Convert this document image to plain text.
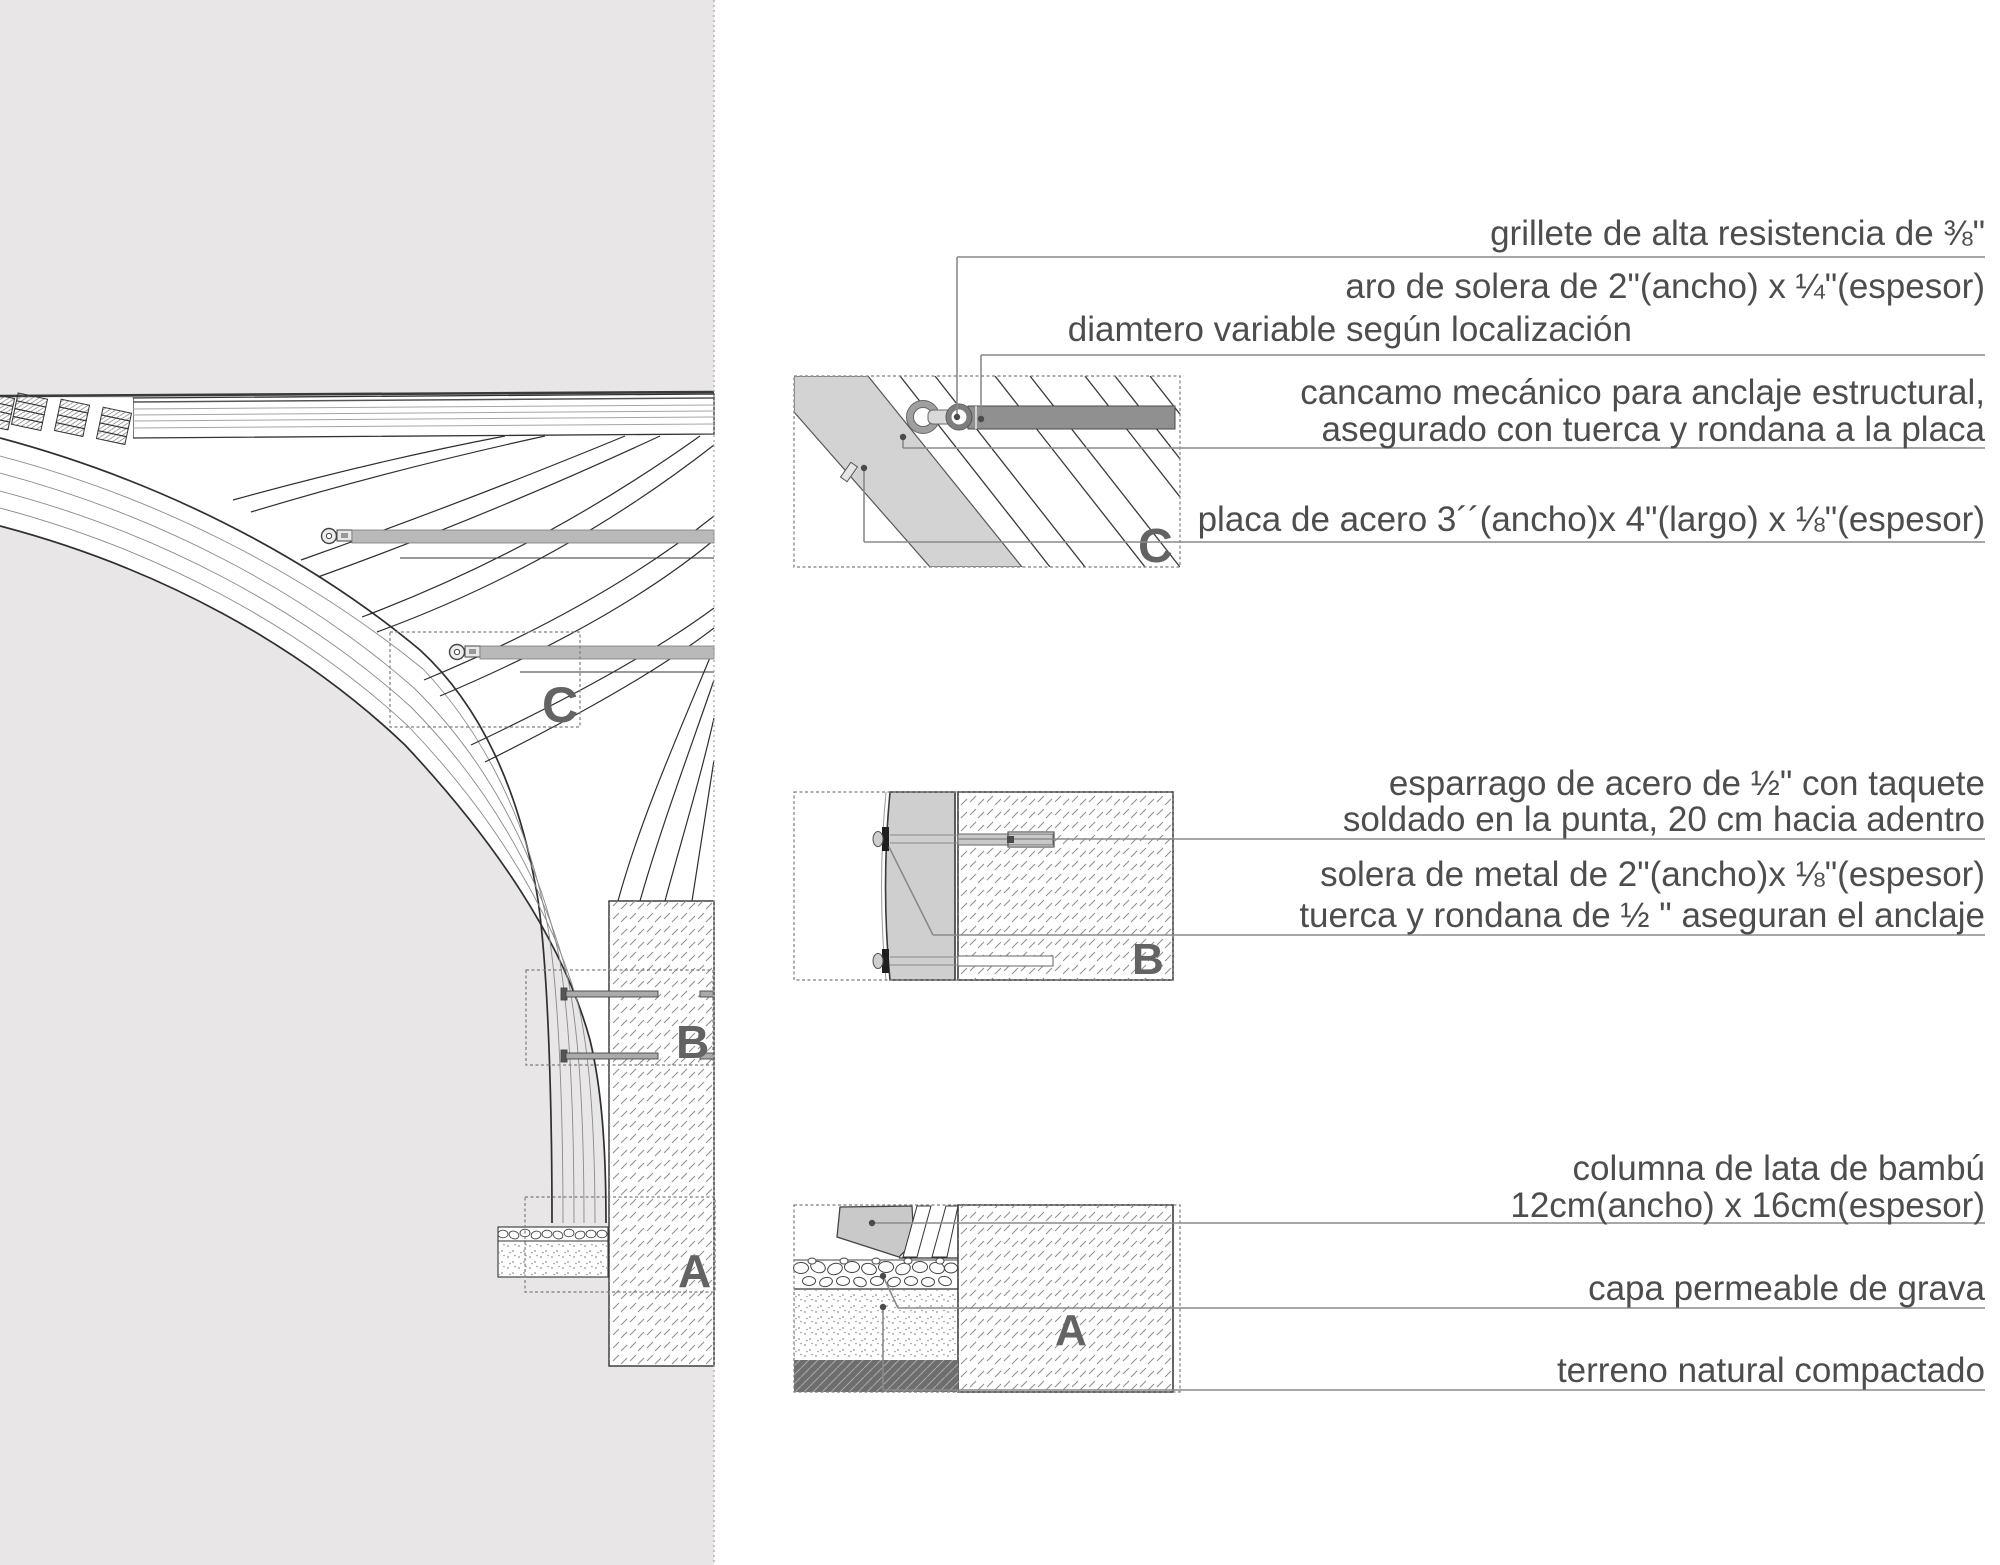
C
B
A
C
B
A
grillete de alta resistencia de ⅜"
aro de solera de 2"(ancho) x ¼"(espesor)
diamtero variable según localización
cancamo mecánico para anclaje estructural,
asegurado con tuerca y rondana a la placa
placa de acero 3´´(ancho)x 4"(largo) x ⅛"(espesor)
esparrago de acero de ½" con taquete
soldado en la punta, 20 cm hacia adentro
solera de metal de 2"(ancho)x ⅛"(espesor)
tuerca y rondana de ½ " aseguran el anclaje
columna de lata de bambú
12cm(ancho) x 16cm(espesor)
capa permeable de grava
terreno natural compactado
